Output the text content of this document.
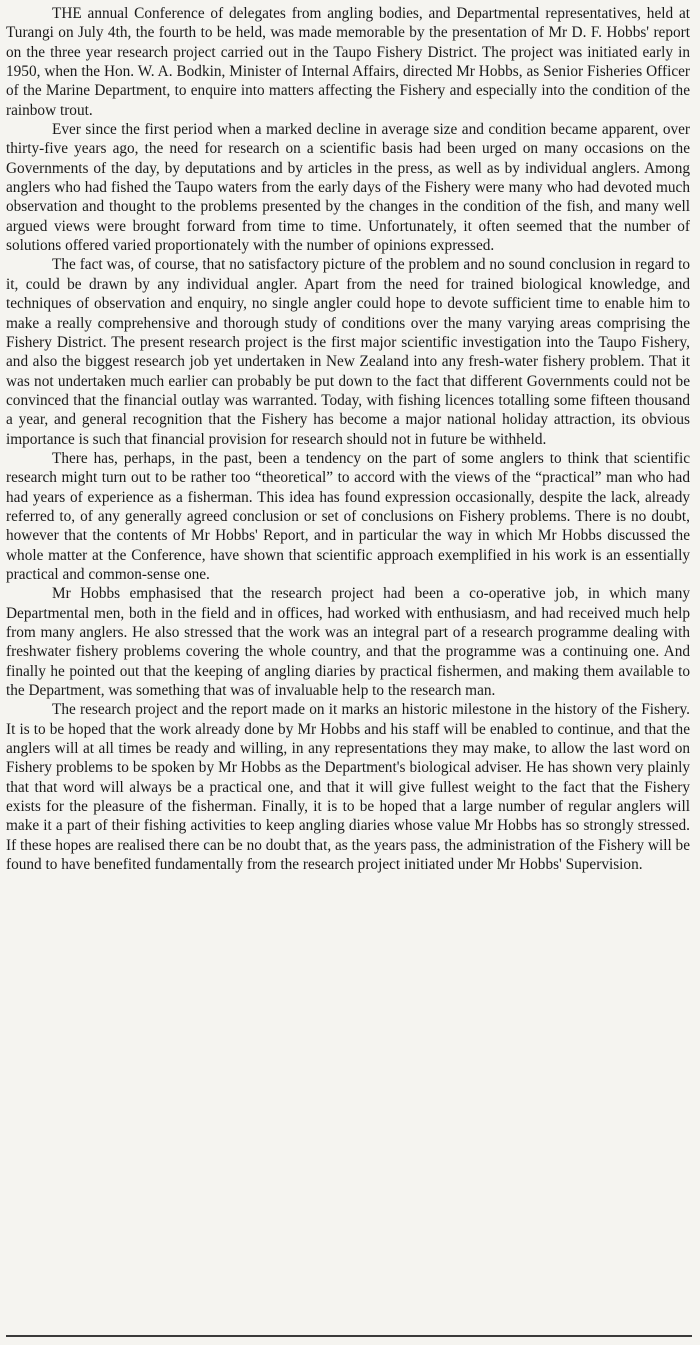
THE annual Conference of delegates from angling bodies, and Departmental representatives, held at Turangi on July 4th, the fourth to be held, was made memorable by the presentation of Mr D. F. Hobbs' report on the three year research project carried out in the Taupo Fishery District. The project was initiated early in 1950, when the Hon. W. A. Bodkin, Minister of Internal Affairs, directed Mr Hobbs, as Senior Fisheries Officer of the Marine Department, to enquire into matters affecting the Fishery and especially into the condition of the rainbow trout.

Ever since the first period when a marked decline in average size and condition became apparent, over thirty-five years ago, the need for research on a scientific basis had been urged on many occasions on the Governments of the day, by deputations and by articles in the press, as well as by individual anglers. Among anglers who had fished the Taupo waters from the early days of the Fishery were many who had devoted much observation and thought to the problems presented by the changes in the condition of the fish, and many well argued views were brought forward from time to time. Unfortunately, it often seemed that the number of solutions offered varied proportionately with the number of opinions expressed.

The fact was, of course, that no satisfactory picture of the problem and no sound conclusion in regard to it, could be drawn by any individual angler. Apart from the need for trained biological knowledge, and techniques of observation and enquiry, no single angler could hope to devote sufficient time to enable him to make a really comprehensive and thorough study of conditions over the many varying areas comprising the Fishery District. The present research project is the first major scientific investigation into the Taupo Fishery, and also the biggest research job yet undertaken in New Zealand into any fresh-water fishery problem. That it was not undertaken much earlier can probably be put down to the fact that different Governments could not be convinced that the financial outlay was warranted. Today, with fishing licences totalling some fifteen thousand a year, and general recognition that the Fishery has become a major national holiday attraction, its obvious importance is such that financial provision for research should not in future be withheld.

There has, perhaps, in the past, been a tendency on the part of some anglers to think that scientific research might turn out to be rather too “theoretical” to accord with the views of the “practical” man who had had years of experience as a fisherman. This idea has found expression occasionally, despite the lack, already referred to, of any generally agreed conclusion or set of conclusions on Fishery problems. There is no doubt, however that the contents of Mr Hobbs' Report, and in particular the way in which Mr Hobbs discussed the whole matter at the Conference, have shown that scientific approach exemplified in his work is an essentially practical and common-sense one.

Mr Hobbs emphasised that the research project had been a co-operative job, in which many Departmental men, both in the field and in offices, had worked with enthusiasm, and had received much help from many anglers. He also stressed that the work was an integral part of a research programme dealing with freshwater fishery problems covering the whole country, and that the programme was a continuing one. And finally he pointed out that the keeping of angling diaries by practical fishermen, and making them available to the Department, was something that was of invaluable help to the research man.

The research project and the report made on it marks an historic milestone in the history of the Fishery. It is to be hoped that the work already done by Mr Hobbs and his staff will be enabled to continue, and that the anglers will at all times be ready and willing, in any representations they may make, to allow the last word on Fishery problems to be spoken by Mr Hobbs as the Department's biological adviser. He has shown very plainly that that word will always be a practical one, and that it will give fullest weight to the fact that the Fishery exists for the pleasure of the fisherman. Finally, it is to be hoped that a large number of regular anglers will make it a part of their fishing activities to keep angling diaries whose value Mr Hobbs has so strongly stressed. If these hopes are realised there can be no doubt that, as the years pass, the administration of the Fishery will be found to have benefited fundamentally from the research project initiated under Mr Hobbs' Supervision.
